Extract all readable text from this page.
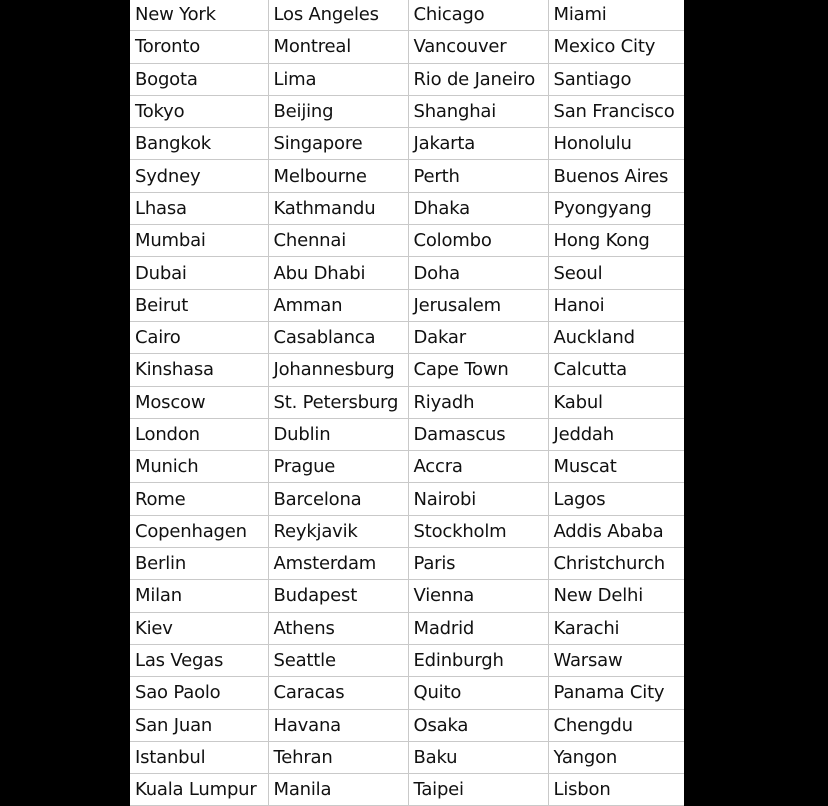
New York	Los Angeles	Chicago	Miami
Toronto	Montreal	Vancouver	Mexico City
Bogota	Lima	Rio de Janeiro	Santiago
Tokyo	Beijing	Shanghai	San Francisco
Bangkok	Singapore	Jakarta	Honolulu
Sydney	Melbourne	Perth	Buenos Aires
Lhasa	Kathmandu	Dhaka	Pyongyang
Mumbai	Chennai	Colombo	Hong Kong
Dubai	Abu Dhabi	Doha	Seoul
Beirut	Amman	Jerusalem	Hanoi
Cairo	Casablanca	Dakar	Auckland
Kinshasa	Johannesburg	Cape Town	Calcutta
Moscow	St. Petersburg	Riyadh	Kabul
London	Dublin	Damascus	Jeddah
Munich	Prague	Accra	Muscat
Rome	Barcelona	Nairobi	Lagos
Copenhagen	Reykjavik	Stockholm	Addis Ababa
Berlin	Amsterdam	Paris	Christchurch
Milan	Budapest	Vienna	New Delhi
Kiev	Athens	Madrid	Karachi
Las Vegas	Seattle	Edinburgh	Warsaw
Sao Paolo	Caracas	Quito	Panama City
San Juan	Havana	Osaka	Chengdu
Istanbul	Tehran	Baku	Yangon
Kuala Lumpur	Manila	Taipei	Lisbon
